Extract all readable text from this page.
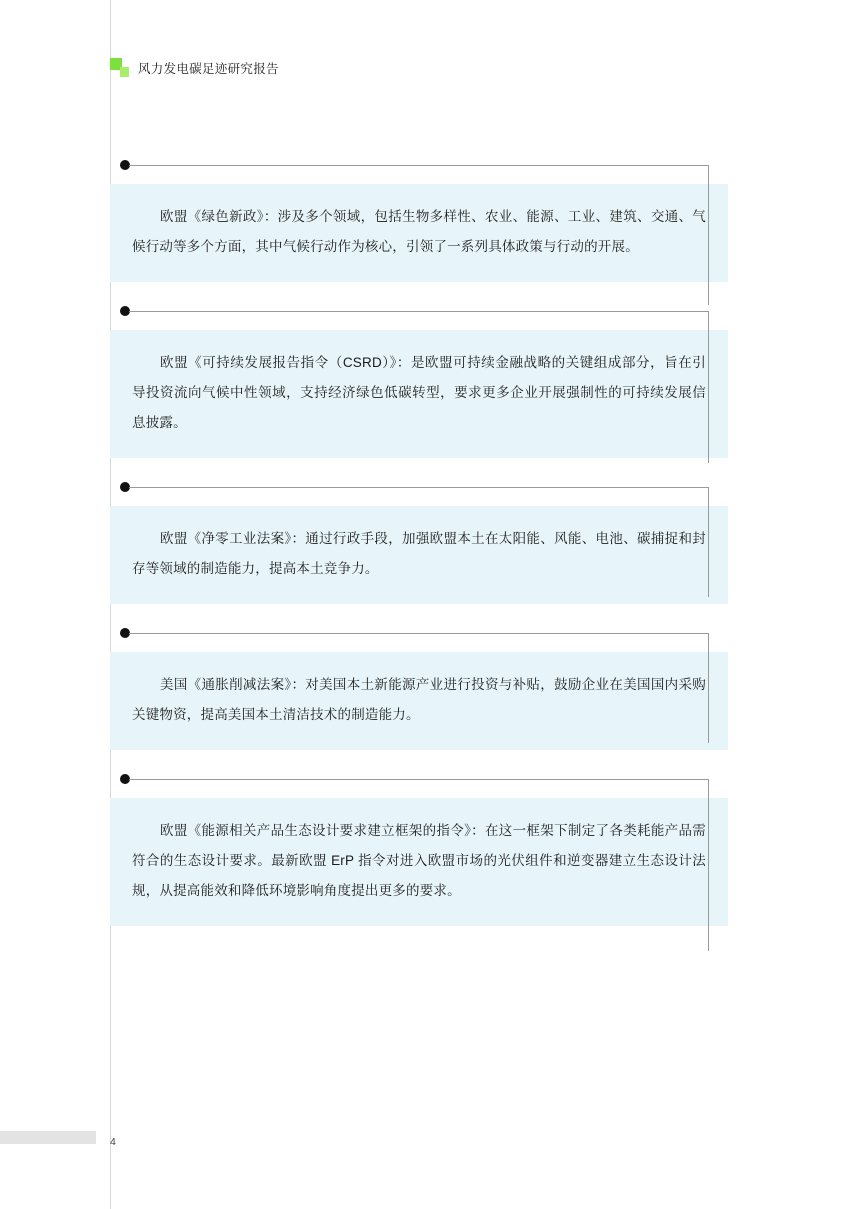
风力发电碳足迹研究报告

欧盟《绿色新政》：涉及多个领域，包括生物多样性、农业、能源、工业、建筑、交通、气候行动等多个方面，其中气候行动作为核心，引领了一系列具体政策与行动的开展。

欧盟《可持续发展报告指令（CSRD）》：是欧盟可持续金融战略的关键组成部分，旨在引导投资流向气候中性领域，支持经济绿色低碳转型，要求更多企业开展强制性的可持续发展信息披露。

欧盟《净零工业法案》：通过行政手段，加强欧盟本土在太阳能、风能、电池、碳捕捉和封存等领域的制造能力，提高本土竞争力。

美国《通胀削减法案》：对美国本土新能源产业进行投资与补贴，鼓励企业在美国国内采购关键物资，提高美国本土清洁技术的制造能力。

欧盟《能源相关产品生态设计要求建立框架的指令》：在这一框架下制定了各类耗能产品需符合的生态设计要求。最新欧盟 ErP 指令对进入欧盟市场的光伏组件和逆变器建立生态设计法规，从提高能效和降低环境影响角度提出更多的要求。

4
